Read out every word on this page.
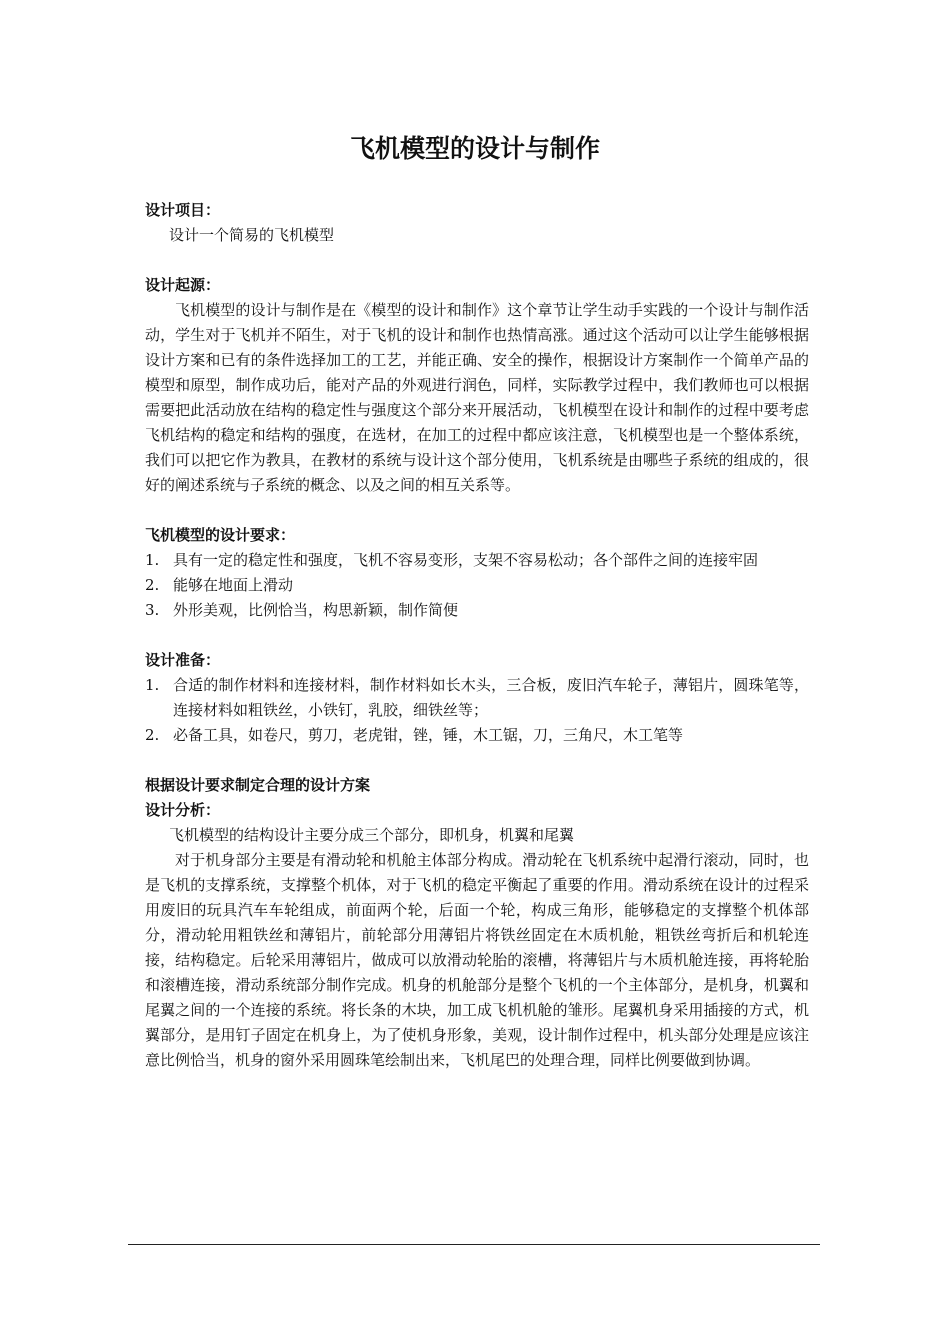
飞机模型的设计与制作

设计项目：

设计一个简易的飞机模型

设计起源：

飞机模型的设计与制作是在《模型的设计和制作》这个章节让学生动手实践的一个设计与制作活动，学生对于飞机并不陌生，对于飞机的设计和制作也热情高涨。通过这个活动可以让学生能够根据设计方案和已有的条件选择加工的工艺，并能正确、安全的操作，根据设计方案制作一个简单产品的模型和原型，制作成功后，能对产品的外观进行润色，同样，实际教学过程中，我们教师也可以根据需要把此活动放在结构的稳定性与强度这个部分来开展活动，飞机模型在设计和制作的过程中要考虑飞机结构的稳定和结构的强度，在选材，在加工的过程中都应该注意，飞机模型也是一个整体系统，我们可以把它作为教具，在教材的系统与设计这个部分使用，飞机系统是由哪些子系统的组成的，很好的阐述系统与子系统的概念、以及之间的相互关系等。

飞机模型的设计要求：

1. 具有一定的稳定性和强度，飞机不容易变形，支架不容易松动；各个部件之间的连接牢固
2. 能够在地面上滑动
3. 外形美观，比例恰当，构思新颖，制作简便

设计准备：

1. 合适的制作材料和连接材料，制作材料如长木头，三合板，废旧汽车轮子，薄铝片，圆珠笔等，连接材料如粗铁丝，小铁钉，乳胶，细铁丝等；
2. 必备工具，如卷尺，剪刀，老虎钳，锉，锤，木工锯，刀，三角尺，木工笔等

根据设计要求制定合理的设计方案

设计分析：

飞机模型的结构设计主要分成三个部分，即机身，机翼和尾翼

对于机身部分主要是有滑动轮和机舱主体部分构成。滑动轮在飞机系统中起滑行滚动，同时，也是飞机的支撑系统，支撑整个机体，对于飞机的稳定平衡起了重要的作用。滑动系统在设计的过程采用废旧的玩具汽车车轮组成，前面两个轮，后面一个轮，构成三角形，能够稳定的支撑整个机体部分，滑动轮用粗铁丝和薄铝片，前轮部分用薄铝片将铁丝固定在木质机舱，粗铁丝弯折后和机轮连接，结构稳定。后轮采用薄铝片，做成可以放滑动轮胎的滚槽，将薄铝片与木质机舱连接，再将轮胎和滚槽连接，滑动系统部分制作完成。机身的机舱部分是整个飞机的一个主体部分，是机身，机翼和尾翼之间的一个连接的系统。将长条的木块，加工成飞机机舱的雏形。尾翼机身采用插接的方式，机翼部分，是用钉子固定在机身上，为了使机身形象，美观，设计制作过程中，机头部分处理是应该注意比例恰当，机身的窗外采用圆珠笔绘制出来，飞机尾巴的处理合理，同样比例要做到协调。
